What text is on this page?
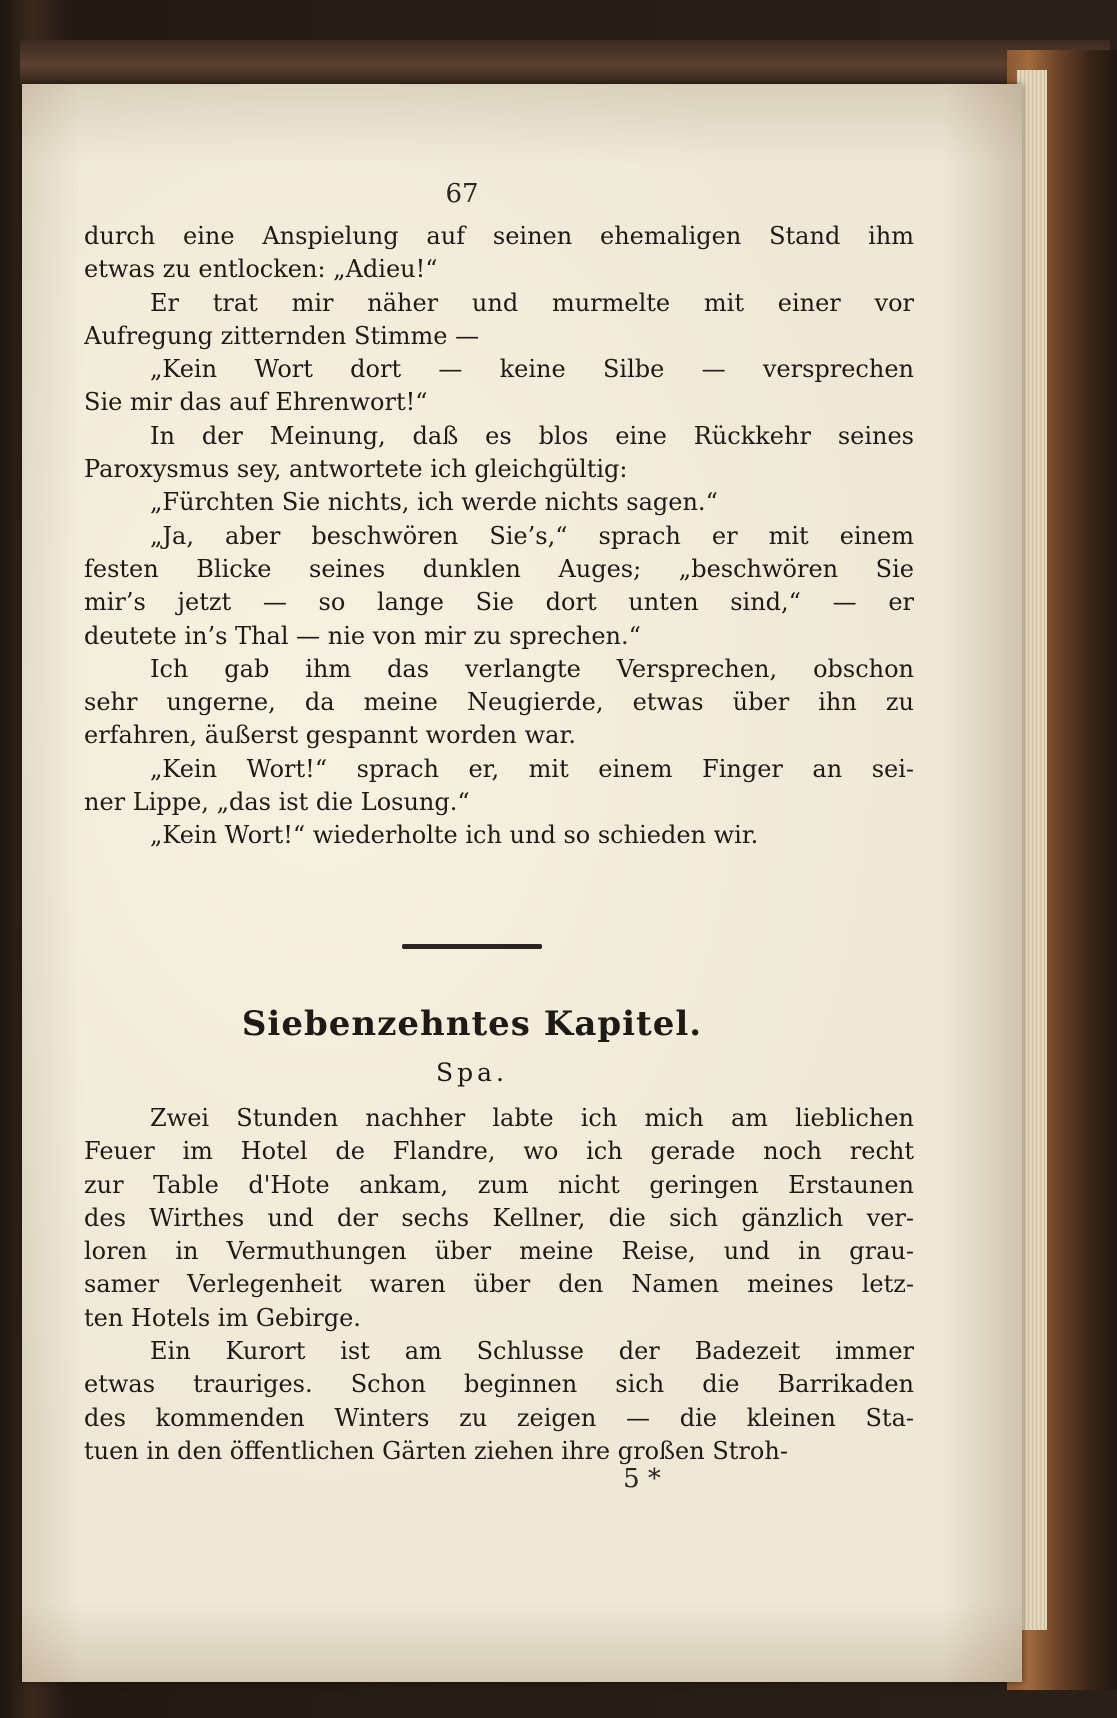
67
durch eine Anspielung auf seinen ehemaligen Stand ihm
etwas zu entlocken: „Adieu!“
Er trat mir näher und murmelte mit einer vor
Aufregung zitternden Stimme —
„Kein Wort dort — keine Silbe — versprechen
Sie mir das auf Ehrenwort!“
In der Meinung, daß es blos eine Rückkehr seines
Paroxysmus sey, antwortete ich gleichgültig:
„Fürchten Sie nichts, ich werde nichts sagen.“
„Ja, aber beschwören Sie’s,“ sprach er mit einem
festen Blicke seines dunklen Auges; „beschwören Sie
mir’s jetzt — so lange Sie dort unten sind,“ — er
deutete in’s Thal — nie von mir zu sprechen.“
Ich gab ihm das verlangte Versprechen, obschon
sehr ungerne, da meine Neugierde, etwas über ihn zu
erfahren, äußerst gespannt worden war.
„Kein Wort!“ sprach er, mit einem Finger an sei-
ner Lippe, „das ist die Losung.“
„Kein Wort!“ wiederholte ich und so schieden wir.
Siebenzehntes Kapitel.
Spa.
Zwei Stunden nachher labte ich mich am lieblichen
Feuer im Hotel de Flandre, wo ich gerade noch recht
zur Table d'Hote ankam, zum nicht geringen Erstaunen
des Wirthes und der sechs Kellner, die sich gänzlich ver-
loren in Vermuthungen über meine Reise, und in grau-
samer Verlegenheit waren über den Namen meines letz-
ten Hotels im Gebirge.
Ein Kurort ist am Schlusse der Badezeit immer
etwas trauriges. Schon beginnen sich die Barrikaden
des kommenden Winters zu zeigen — die kleinen Sta-
tuen in den öffentlichen Gärten ziehen ihre großen Stroh-
5 *
